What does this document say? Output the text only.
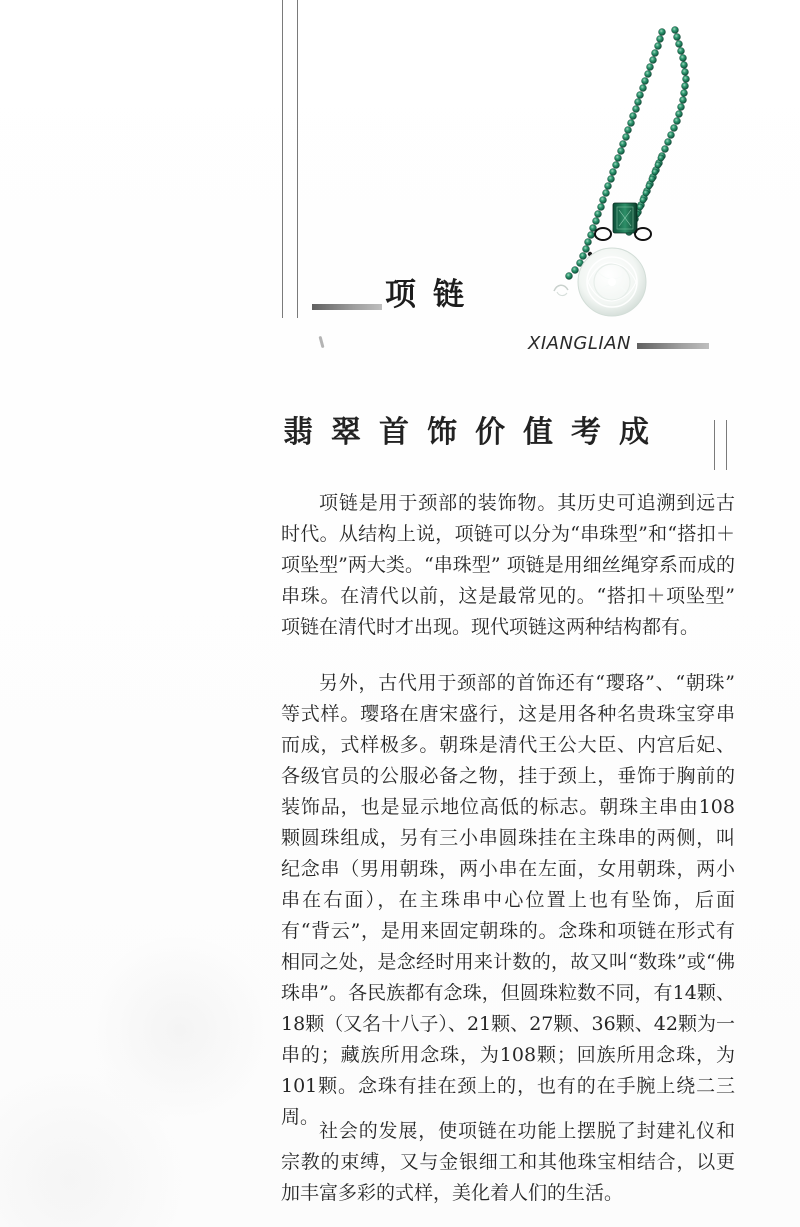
项链
XIANGLIAN
翡翠首饰价值考成

项链是用于颈部的装饰物。其历史可追溯到远古时代。从结构上说，项链可以分为“串珠型”和“搭扣＋项坠型”两大类。“串珠型” 项链是用细丝绳穿系而成的串珠。在清代以前，这是最常见的。“搭扣＋项坠型” 项链在清代时才出现。现代项链这两种结构都有。

另外，古代用于颈部的首饰还有“璎珞”、“朝珠” 等式样。璎珞在唐宋盛行，这是用各种名贵珠宝穿串而成，式样极多。朝珠是清代王公大臣、内宫后妃、各级官员的公服必备之物，挂于颈上，垂饰于胸前的装饰品，也是显示地位高低的标志。朝珠主串由108颗圆珠组成，另有三小串圆珠挂在主珠串的两侧，叫纪念串（男用朝珠，两小串在左面，女用朝珠，两小串在右面），在主珠串中心位置上也有坠饰，后面有“背云”，是用来固定朝珠的。念珠和项链在形式有相同之处，是念经时用来计数的，故又叫“数珠”或“佛珠串”。各民族都有念珠，但圆珠粒数不同，有14颗、18颗（又名十八子）、21颗、27颗、36颗、42颗为一串的；藏族所用念珠，为108颗；回族所用念珠，为101颗。念珠有挂在颈上的，也有的在手腕上绕二三周。

社会的发展，使项链在功能上摆脱了封建礼仪和宗教的束缚，又与金银细工和其他珠宝相结合，以更加丰富多彩的式样，美化着人们的生活。
